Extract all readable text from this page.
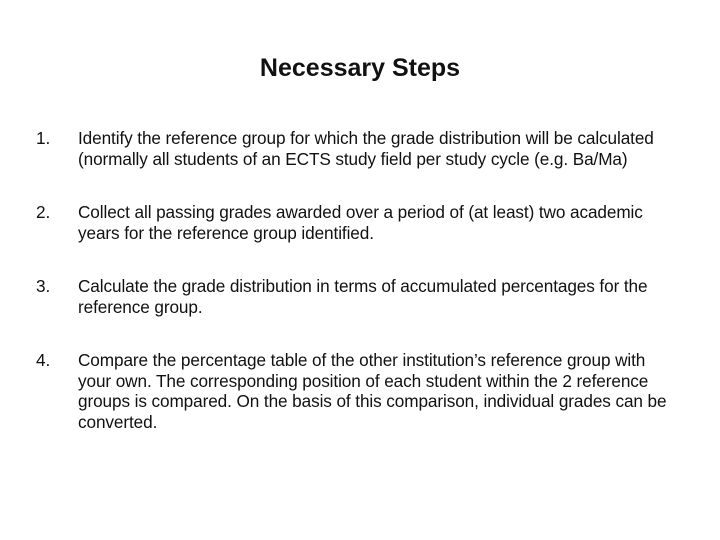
Necessary Steps
1.	Identify the reference group for which the grade distribution will be calculated (normally all students of an ECTS study field per study cycle (e.g. Ba/Ma)
2.	Collect all passing grades awarded over a period of (at least) two academic years for the reference group identified.
3.	Calculate the grade distribution in terms of accumulated percentages for the reference group.
4.	Compare the percentage table of the other institution’s reference group with your own. The corresponding position of each student within the 2 reference groups is compared. On the basis of this comparison, individual grades can be converted.
